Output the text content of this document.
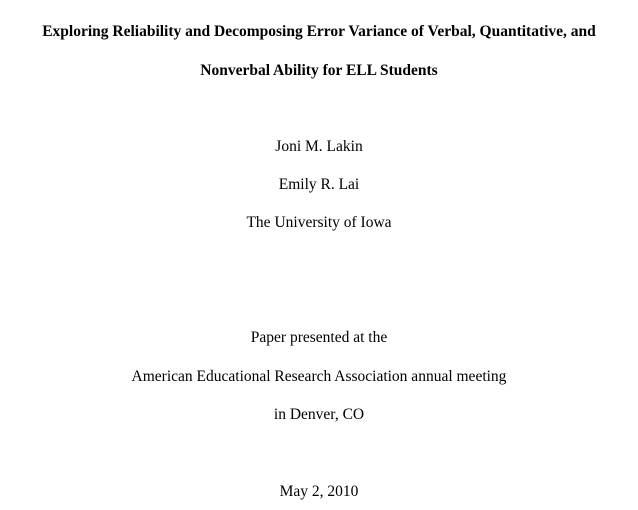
Exploring Reliability and Decomposing Error Variance of Verbal, Quantitative, and
Nonverbal Ability for ELL Students
Joni M. Lakin
Emily R. Lai
The University of Iowa
Paper presented at the
American Educational Research Association annual meeting
in Denver, CO
May 2, 2010
